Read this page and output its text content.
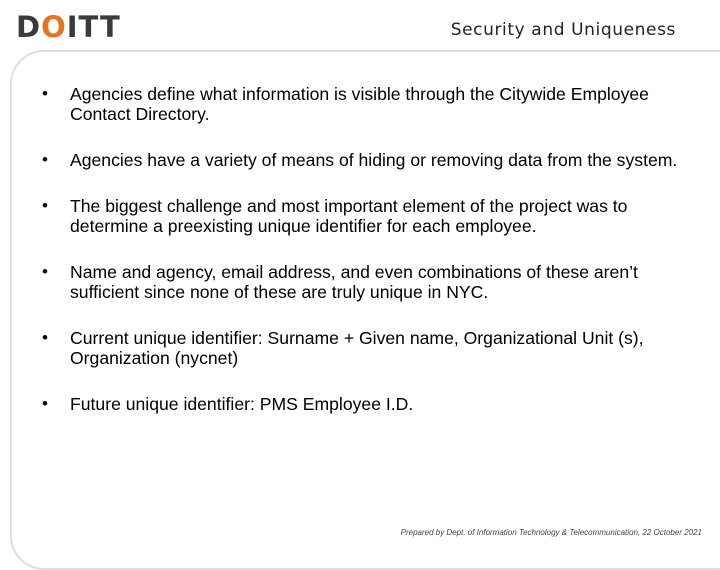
DOITT	Security and Uniqueness
•	Agencies define what information is visible through the Citywide Employee Contact Directory.
•	Agencies have a variety of means of hiding or removing data from the system.
•	The biggest challenge and most important element of the project was to determine a preexisting unique identifier for each employee.
•	Name and agency, email address, and even combinations of these aren’t sufficient since none of these are truly unique in NYC.
•	Current unique identifier: Surname + Given name, Organizational Unit (s), Organization (nycnet)
•	Future unique identifier: PMS Employee I.D.
Prepared by Dept. of Information Technology & Telecommunication, 22 October 2021
